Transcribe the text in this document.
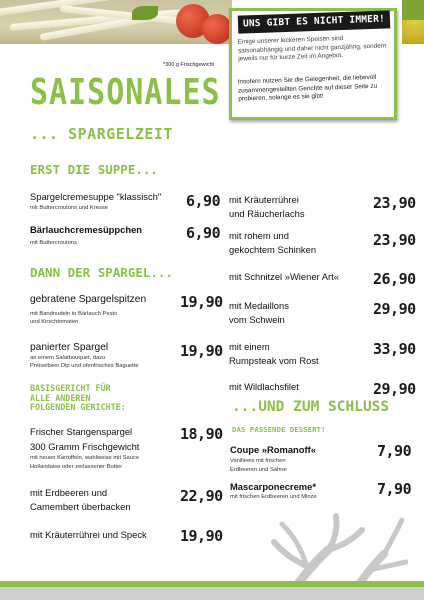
*300 g Frischgewicht
UNS GIBT ES NICHT IMMER!
Einige unserer leckeren Speisen sind saisonabhängig und daher nicht ganzjährig, sondern jeweils nur für kurze Zeit im Angebot.
Insofern nutzen Sie die Gelegenheit, die liebevoll zusammengestellten Gerichte auf dieser Seite zu probieren, solange es sie gibt!
SAISONALES
... SPARGELZEIT
ERST DIE SUPPE...
DANN DER SPARGEL...
BASISGERICHT FÜR ALLE ANDEREN FOLGENDEN GERICHTE:	...UND ZUM SCHLUSS
DAS PASSENDE DESSERT!
Spargelcremesuppe "klassisch"
mit Buttercroutons und Kresse	6,90
Bärlauchcremesüppchen
mit Buttercroutons
6,90
gebratene Spargelspitzen
mit Bandnudeln in Bärlauch Pesto
und Kirschtomaten
19,90
panierter Spargel
an einem Salatbouquet, dazu
Preiselbeer Dip und ofenfrisches Baguette
19,90
Frischer Stangenspargel
300 Gramm Frischgewicht
mit neuen Kartoffeln, wahlweise mit Sauce
Hollandaise oder zerlassener Butter
18,90
mit Erdbeeren und
Camembert überbacken
22,90
mit Kräuterrührei und Speck 19,90
mit Kräuterrührei
und Räucherlachs
23,90
mit rohem und
gekochtem Schinken
23,90
mit Schnitzel »Wiener Art« 26,90
mit Medaillons
vom Schwein
29,90
mit einem
Rumpsteak vom Rost
33,90
mit Wildlachsfilet	29,90
Coupe »Romanoff«
Vanilleeis mit frischen
Erdbeeren und Sahne
7,90
Mascarponecreme*
mit frischen Erdbeeren und Minze	7,90
